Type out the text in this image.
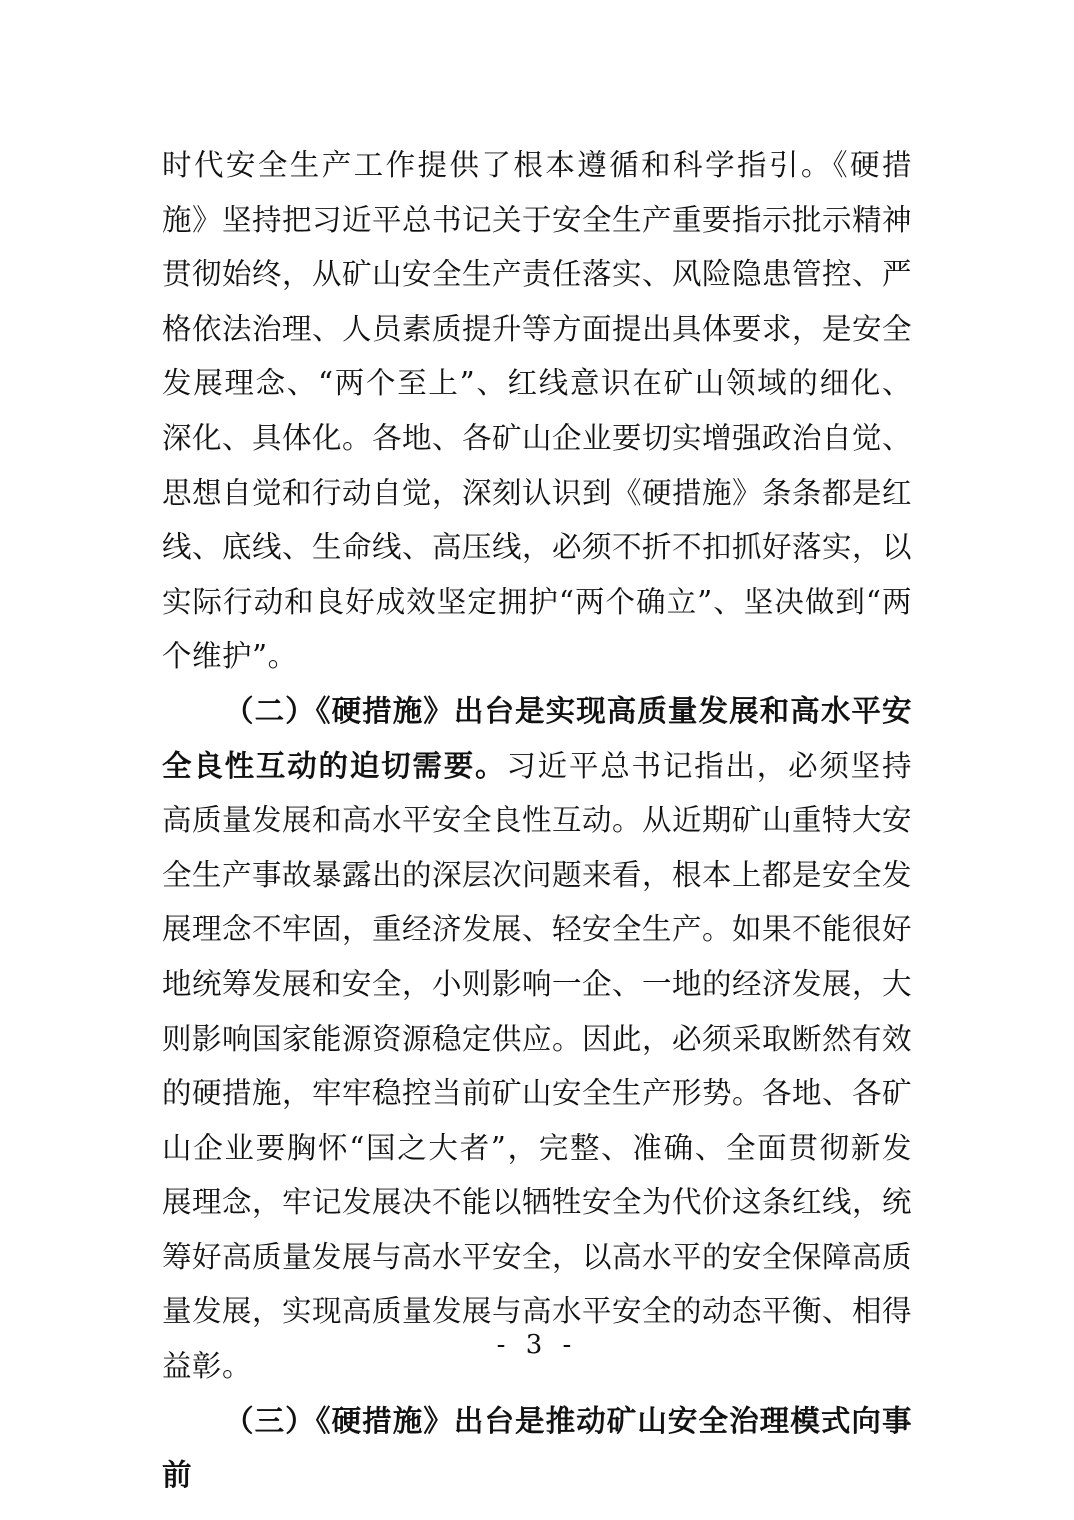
时代安全生产工作提供了根本遵循和科学指引。《硬措施》坚持把习近平总书记关于安全生产重要指示批示精神贯彻始终，从矿山安全生产责任落实、风险隐患管控、严格依法治理、人员素质提升等方面提出具体要求，是安全发展理念、“两个至上”、红线意识在矿山领域的细化、深化、具体化。各地、各矿山企业要切实增强政治自觉、思想自觉和行动自觉，深刻认识到《硬措施》条条都是红线、底线、生命线、高压线，必须不折不扣抓好落实，以实际行动和良好成效坚定拥护“两个确立”、坚决做到“两个维护”。

（二）《硬措施》出台是实现高质量发展和高水平安全良性互动的迫切需要。习近平总书记指出，必须坚持高质量发展和高水平安全良性互动。从近期矿山重特大安全生产事故暴露出的深层次问题来看，根本上都是安全发展理念不牢固，重经济发展、轻安全生产。如果不能很好地统筹发展和安全，小则影响一企、一地的经济发展，大则影响国家能源资源稳定供应。因此，必须采取断然有效的硬措施，牢牢稳控当前矿山安全生产形势。各地、各矿山企业要胸怀“国之大者”，完整、准确、全面贯彻新发展理念，牢记发展决不能以牺牲安全为代价这条红线，统筹好高质量发展与高水平安全，以高水平的安全保障高质量发展，实现高质量发展与高水平安全的动态平衡、相得益彰。

（三）《硬措施》出台是推动矿山安全治理模式向事前

- 3 -
